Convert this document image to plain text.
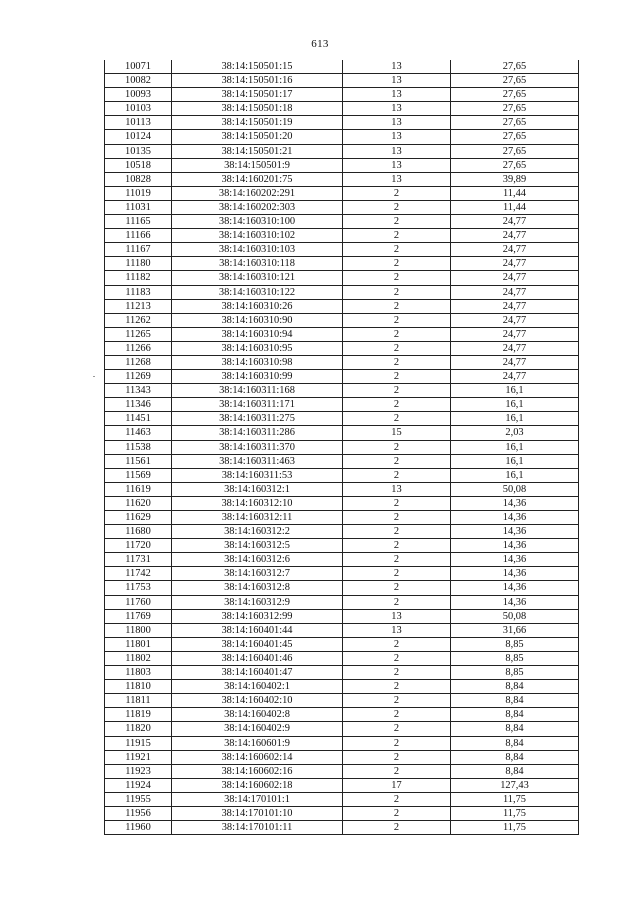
613
10071	38:14:150501:15	13	27,65
10082	38:14:150501:16	13	27,65
10093	38:14:150501:17	13	27,65
10103	38:14:150501:18	13	27,65
10113	38:14:150501:19	13	27,65
10124	38:14:150501:20	13	27,65
10135	38:14:150501:21	13	27,65
10518	38:14:150501:9	13	27,65
10828	38:14:160201:75	13	39,89
11019	38:14:160202:291	2	11,44
11031	38:14:160202:303	2	11,44
11165	38:14:160310:100	2	24,77
11166	38:14:160310:102	2	24,77
11167	38:14:160310:103	2	24,77
11180	38:14:160310:118	2	24,77
11182	38:14:160310:121	2	24,77
11183	38:14:160310:122	2	24,77
11213	38:14:160310:26	2	24,77
11262	38:14:160310:90	2	24,77
11265	38:14:160310:94	2	24,77
11266	38:14:160310:95	2	24,77
11268	38:14:160310:98	2	24,77
11269	38:14:160310:99	2	24,77
11343	38:14:160311:168	2	16,1
11346	38:14:160311:171	2	16,1
11451	38:14:160311:275	2	16,1
11463	38:14:160311:286	15	2,03
11538	38:14:160311:370	2	16,1
11561	38:14:160311:463	2	16,1
11569	38:14:160311:53	2	16,1
11619	38:14:160312:1	13	50,08
11620	38:14:160312:10	2	14,36
11629	38:14:160312:11	2	14,36
11680	38:14:160312:2	2	14,36
11720	38:14:160312:5	2	14,36
11731	38:14:160312:6	2	14,36
11742	38:14:160312:7	2	14,36
11753	38:14:160312:8	2	14,36
11760	38:14:160312:9	2	14,36
11769	38:14:160312:99	13	50,08
11800	38:14:160401:44	13	31,66
11801	38:14:160401:45	2	8,85
11802	38:14:160401:46	2	8,85
11803	38:14:160401:47	2	8,85
11810	38:14:160402:1	2	8,84
11811	38:14:160402:10	2	8,84
11819	38:14:160402:8	2	8,84
11820	38:14:160402:9	2	8,84
11915	38:14:160601:9	2	8,84
11921	38:14:160602:14	2	8,84
11923	38:14:160602:16	2	8,84
11924	38:14:160602:18	17	127,43
11955	38:14:170101:1	2	11,75
11956	38:14:170101:10	2	11,75
11960	38:14:170101:11	2	11,75
